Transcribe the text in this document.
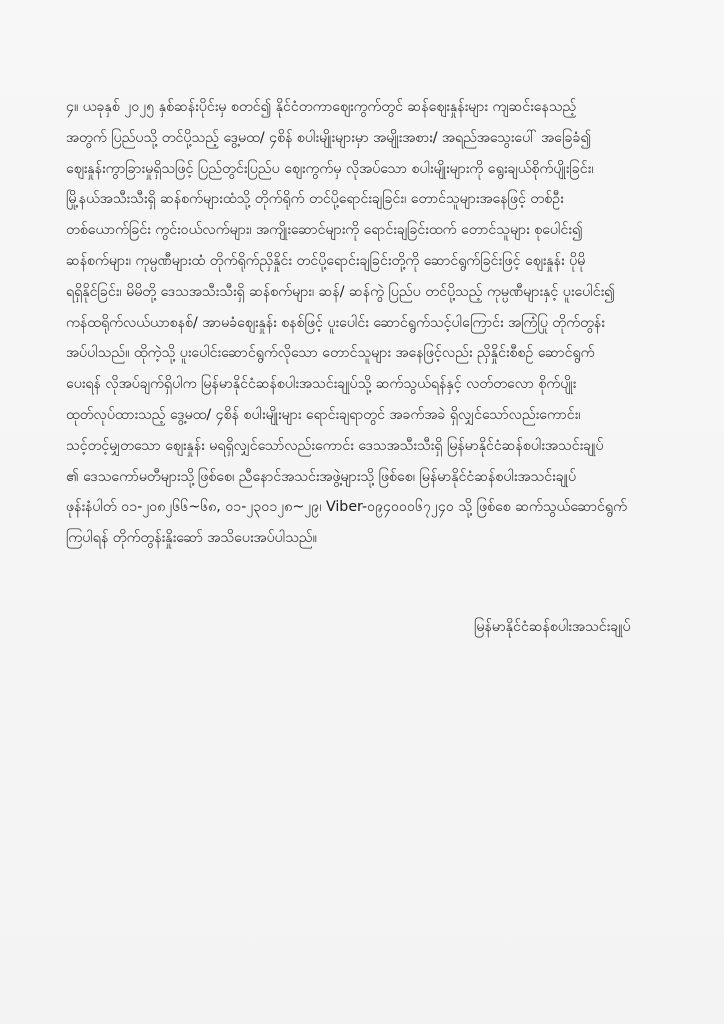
၄။ ယခုနှစ် ၂၀၂၅ နှစ်ဆန်းပိုင်းမှ စတင်၍ နိုင်ငံတကာဈေးကွက်တွင် ဆန်ဈေးနှုန်းများ ကျဆင်းနေသည့်
အတွက် ပြည်ပသို့ တင်ပို့သည့် ဒွေ့မထ/ ၄စိန် စပါးမျိုးများမှာ အမျိုးအစား/ အရည်အသွေးပေါ် အခြေခံ၍
ဈေးနှုန်းကွာခြားမှုရှိသဖြင့် ပြည်တွင်းပြည်ပ ဈေးကွက်မှ လိုအပ်သော စပါးမျိုးများကို ရွေးချယ်စိုက်ပျိုးခြင်း၊
မြို့နယ်အသီးသီးရှိ ဆန်စက်များထံသို့ တိုက်ရိုက် တင်ပို့ရောင်းချခြင်း၊ တောင်သူများအနေဖြင့် တစ်ဦး
တစ်ယောက်ခြင်း ကွင်းဝယ်လက်များ၊ အကျိုးဆောင်များကို ရောင်းချခြင်းထက် တောင်သူများ စုပေါင်း၍
ဆန်စက်များ၊ ကုမ္ပဏီများထံ တိုက်ရိုက်ညှိနှိုင်း တင်ပို့ရောင်းချခြင်းတို့ကို ဆောင်ရွက်ခြင်းဖြင့် ဈေးနှုန်း ပိုမို
ရရှိနိုင်ခြင်း၊ မိမိတို့ ဒေသအသီးသီးရှိ ဆန်စက်များ၊ ဆန်/ ဆန်ကွဲ ပြည်ပ တင်ပို့သည့် ကုမ္ပဏီများနှင့် ပူးပေါင်း၍
ကန်ထရိုက်လယ်ယာစနစ်/ အာမခံဈေးနှုန်း စနစ်ဖြင့် ပူးပေါင်း ဆောင်ရွက်သင့်ပါကြောင်း အကြံပြု တိုက်တွန်း
အပ်ပါသည်။ ထိုကဲ့သို့ ပူးပေါင်းဆောင်ရွက်လိုသော တောင်သူများ အနေဖြင့်လည်း ညှိနှိုင်းစီစဉ် ဆောင်ရွက်
ပေးရန် လိုအပ်ချက်ရှိပါက မြန်မာနိုင်ငံဆန်စပါးအသင်းချုပ်သို့ ဆက်သွယ်ရန်နှင့် လတ်တလော စိုက်ပျိုး
ထုတ်လုပ်ထားသည့် ဒွေ့မထ/ ၄စိန် စပါးမျိုးများ ရောင်းချရာတွင် အခက်အခဲ ရှိလျှင်သော်လည်းကောင်း၊
သင့်တင့်မျှတသော ဈေးနှုန်း မရရှိလျှင်သော်လည်းကောင်း ဒေသအသီးသီးရှိ မြန်မာနိုင်ငံဆန်စပါးအသင်းချုပ်
၏ ဒေသကော်မတီများသို့ဖြစ်စေ၊ ညီနောင်အသင်းအဖွဲ့များသို့ ဖြစ်စေ၊ မြန်မာနိုင်ငံဆန်စပါးအသင်းချုပ်
ဖုန်းနံပါတ် ၀၁-၂၀၈၂၆၆~၆၈, ၀၁-၂၃၀၁၂၈~၂၉၊ Viber-၀၉၄၀၀၀၆၇၂၄၀ သို့ ဖြစ်စေ ဆက်သွယ်ဆောင်ရွက်
ကြပါရန် တိုက်တွန်းနှိုးဆော် အသိပေးအပ်ပါသည်။
မြန်မာနိုင်ငံဆန်စပါးအသင်းချုပ်
